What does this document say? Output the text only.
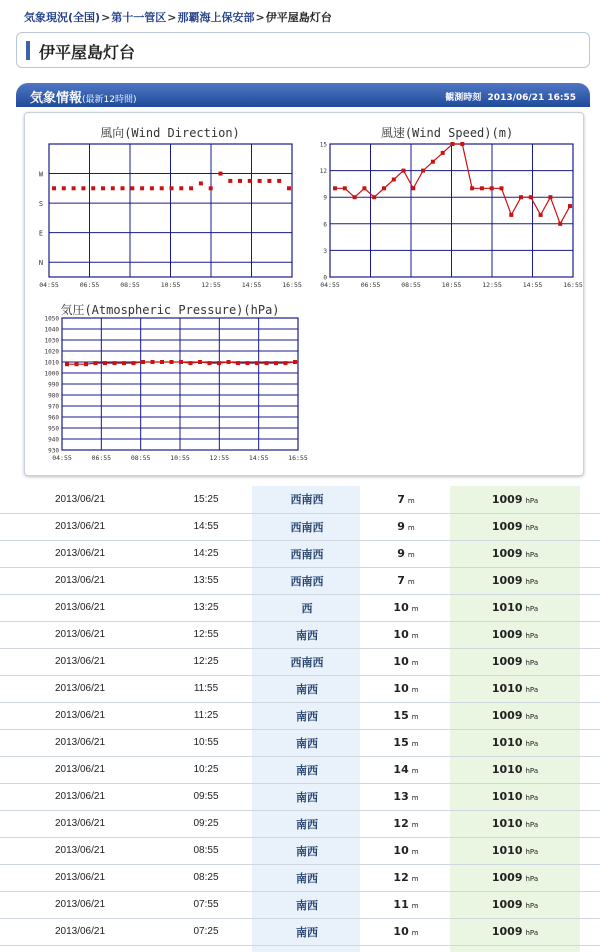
気象現況(全国)>第十一管区>那覇海上保安部>伊平屋島灯台
伊平屋島灯台
気象情報(最新12時間)	観測時刻 2013/06/21 16:55
風向(Wind Direction)
04:55	06:55	08:55	10:55	12:55	14:55	16:55
N
E
S
W
風速(Wind Speed)(m)
04:55	06:55	08:55	10:55	12:55	14:55	16:55
0
3
6
9
12
15
気圧(Atmospheric Pressure)(hPa)
04:55	06:55	08:55	10:55	12:55	14:55	16:55
930
940
950
960
970
980
990
1000
1010
1020
1030
1040
1050
2013/06/21	15:25	西南西	7 m	1009 hPa	
2013/06/21	14:55	西南西	9 m	1009 hPa	
2013/06/21	14:25	西南西	9 m	1009 hPa	
2013/06/21	13:55	西南西	7 m	1009 hPa	
2013/06/21	13:25	西	10 m	1010 hPa	
2013/06/21	12:55	南西	10 m	1009 hPa	
2013/06/21	12:25	西南西	10 m	1009 hPa	
2013/06/21	11:55	南西	10 m	1010 hPa	
2013/06/21	11:25	南西	15 m	1009 hPa	
2013/06/21	10:55	南西	15 m	1010 hPa	
2013/06/21	10:25	南西	14 m	1010 hPa	
2013/06/21	09:55	南西	13 m	1010 hPa	
2013/06/21	09:25	南西	12 m	1010 hPa	
2013/06/21	08:55	南西	10 m	1010 hPa	
2013/06/21	08:25	南西	12 m	1009 hPa	
2013/06/21	07:55	南西	11 m	1009 hPa	
2013/06/21	07:25	南西	10 m	1009 hPa	
